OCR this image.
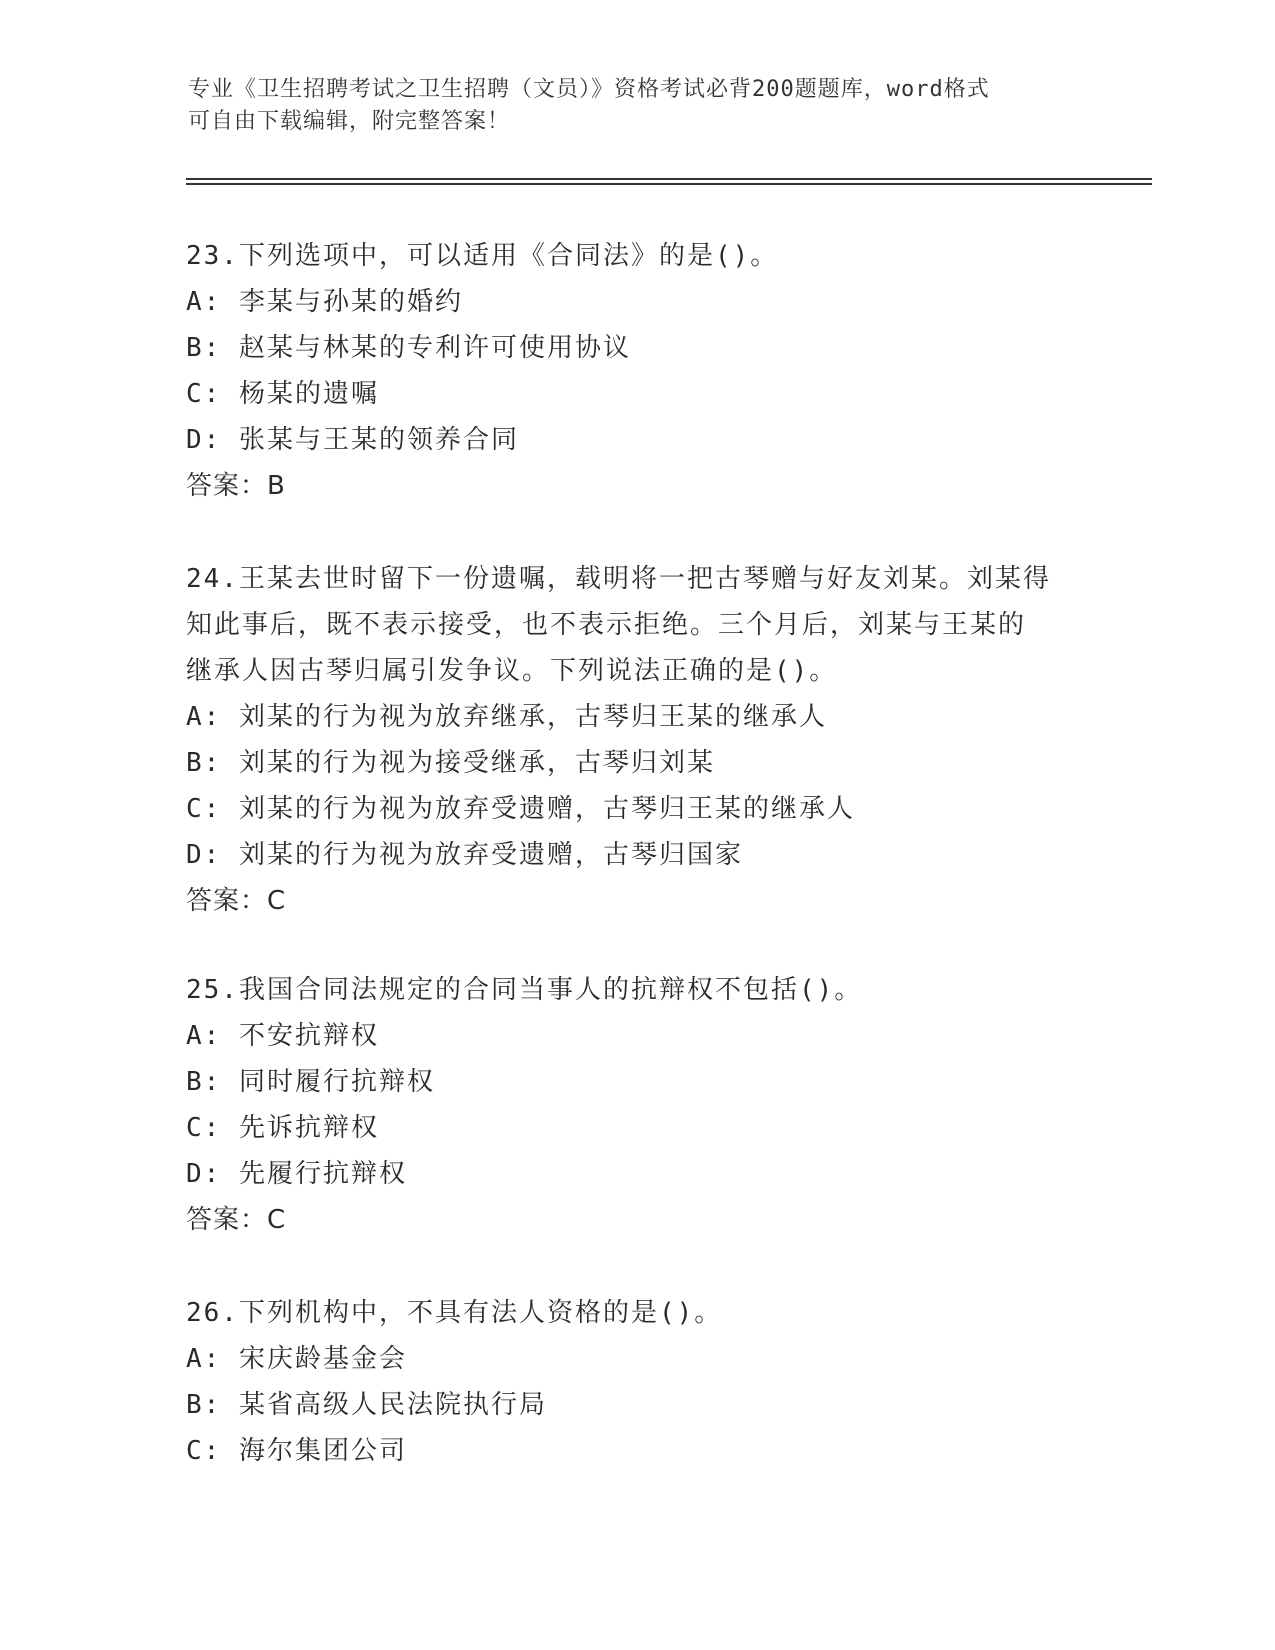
专业《卫生招聘考试之卫生招聘（文员）》资格考试必背200题题库，word格式

可自由下载编辑，附完整答案！

23.下列选项中，可以适用《合同法》的是()。

A: 李某与孙某的婚约

B: 赵某与林某的专利许可使用协议

C: 杨某的遗嘱

D: 张某与王某的领养合同

答案：B

24.王某去世时留下一份遗嘱，载明将一把古琴赠与好友刘某。刘某得

知此事后，既不表示接受，也不表示拒绝。三个月后，刘某与王某的

继承人因古琴归属引发争议。下列说法正确的是()。

A: 刘某的行为视为放弃继承，古琴归王某的继承人

B: 刘某的行为视为接受继承，古琴归刘某

C: 刘某的行为视为放弃受遗赠，古琴归王某的继承人

D: 刘某的行为视为放弃受遗赠，古琴归国家

答案：C

25.我国合同法规定的合同当事人的抗辩权不包括()。

A: 不安抗辩权

B: 同时履行抗辩权

C: 先诉抗辩权

D: 先履行抗辩权

答案：C

26.下列机构中，不具有法人资格的是()。

A: 宋庆龄基金会

B: 某省高级人民法院执行局

C: 海尔集团公司
